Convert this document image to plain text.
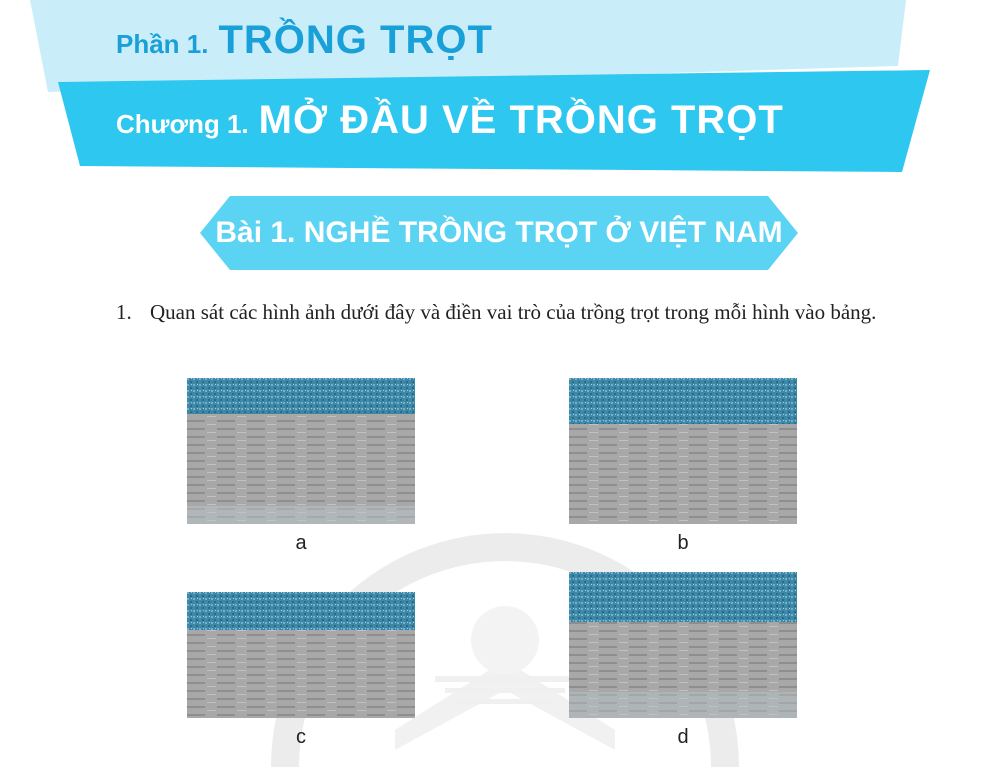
Phần 1. TRỒNG TRỌT
Chương 1. MỞ ĐẦU VỀ TRỒNG TRỌT
Bài 1. NGHỀ TRỒNG TRỌT Ở VIỆT NAM
1. Quan sát các hình ảnh dưới đây và điền vai trò của trồng trọt trong mỗi hình vào bảng.
a	b
c	d
